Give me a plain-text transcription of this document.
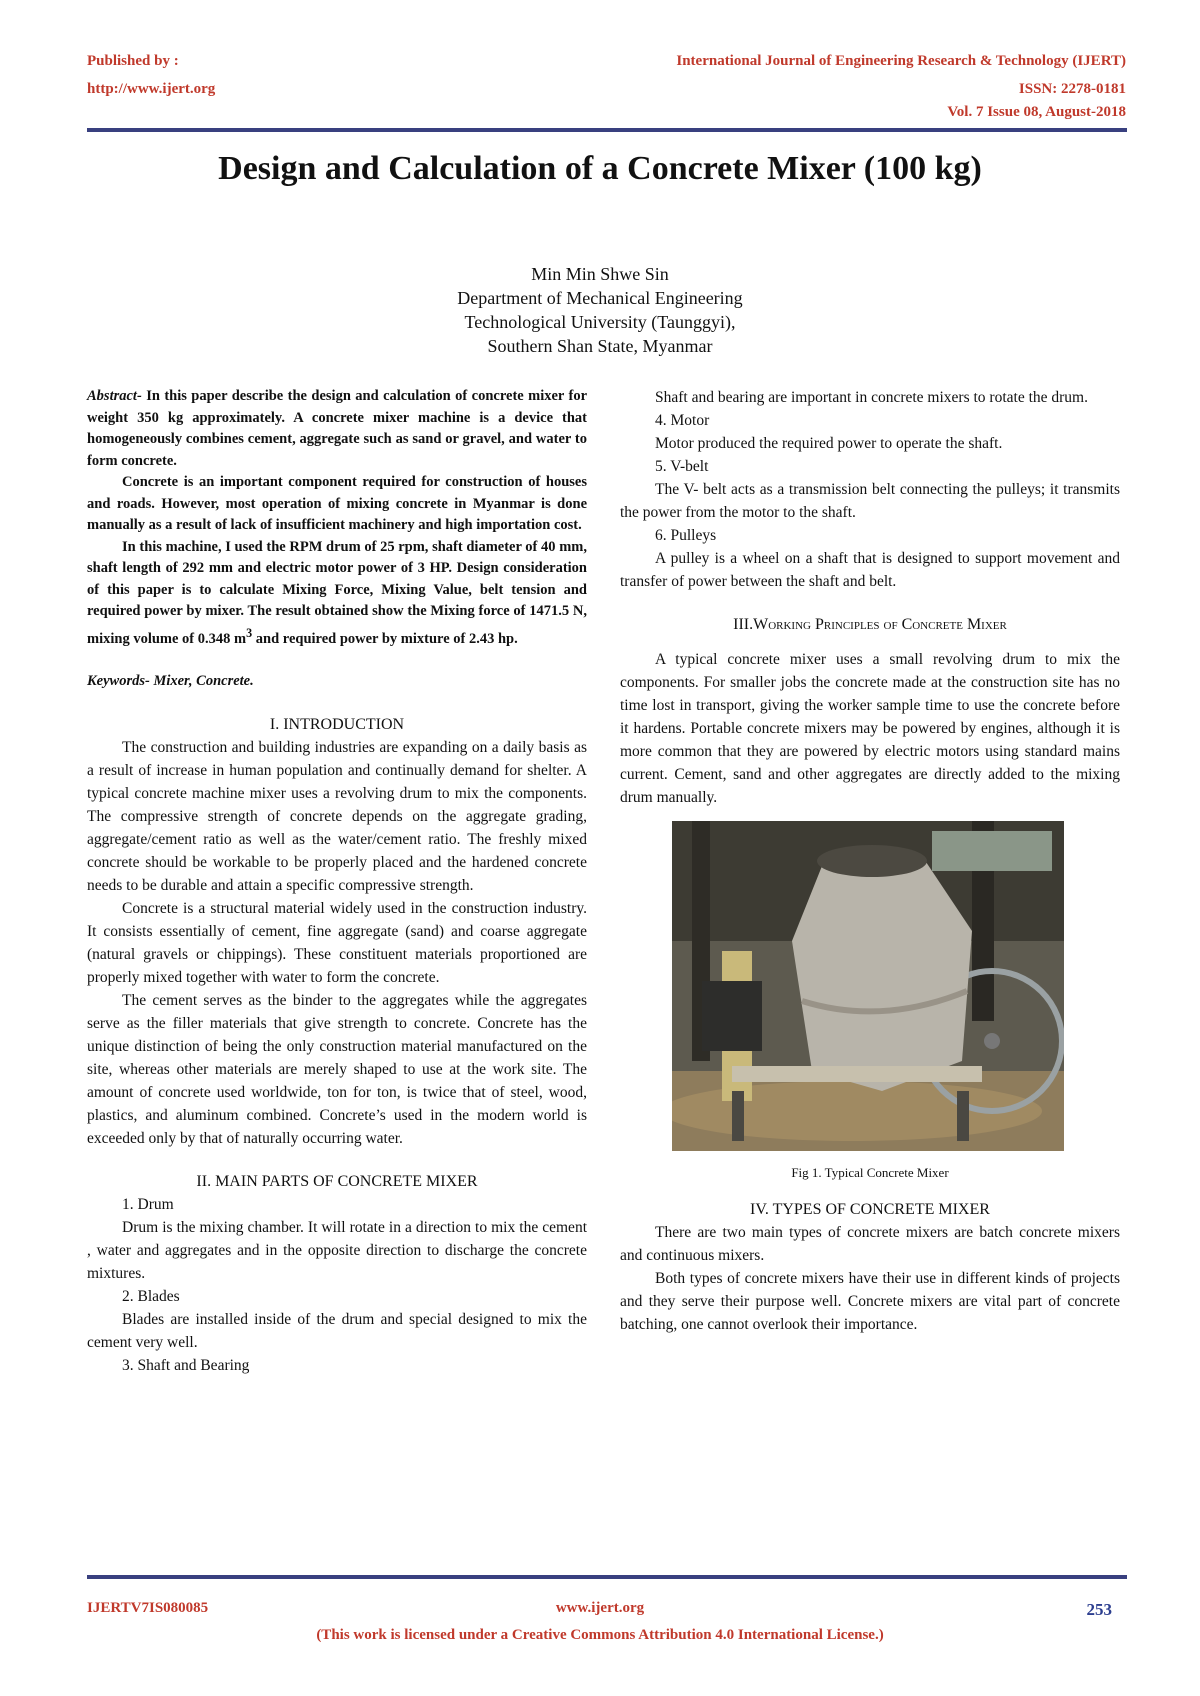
Published by :
http://www.ijert.org
International Journal of Engineering Research & Technology (IJERT)
ISSN: 2278-0181
Vol. 7 Issue 08, August-2018
Design and Calculation of a Concrete Mixer (100 kg)
Min Min Shwe Sin
Department of Mechanical Engineering
Technological University (Taunggyi),
Southern Shan State, Myanmar

Abstract- In this paper describe the design and calculation of concrete mixer for weight 350 kg approximately. A concrete mixer machine is a device that homogeneously combines cement, aggregate such as sand or gravel, and water to form concrete.

Concrete is an important component required for construction of houses and roads. However, most operation of mixing concrete in Myanmar is done manually as a result of lack of insufficient machinery and high importation cost.

In this machine, I used the RPM drum of 25 rpm, shaft diameter of 40 mm, shaft length of 292 mm and electric motor power of 3 HP. Design consideration of this paper is to calculate Mixing Force, Mixing Value, belt tension and required power by mixer. The result obtained show the Mixing force of 1471.5 N, mixing volume of 0.348 $m^3$ and required power by mixture of 2.43 hp.

Keywords- Mixer, Concrete.

I. INTRODUCTION

The construction and building industries are expanding on a daily basis as a result of increase in human population and continually demand for shelter. A typical concrete machine mixer uses a revolving drum to mix the components. The compressive strength of concrete depends on the aggregate grading, aggregate/cement ratio as well as the water/cement ratio. The freshly mixed concrete should be workable to be properly placed and the hardened concrete needs to be durable and attain a specific compressive strength.

Concrete is a structural material widely used in the construction industry. It consists essentially of cement, fine aggregate (sand) and coarse aggregate (natural gravels or chippings). These constituent materials proportioned are properly mixed together with water to form the concrete.

The cement serves as the binder to the aggregates while the aggregates serve as the filler materials that give strength to concrete. Concrete has the unique distinction of being the only construction material manufactured on the site, whereas other materials are merely shaped to use at the work site. The amount of concrete used worldwide, ton for ton, is twice that of steel, wood, plastics, and aluminum combined. Concrete’s used in the modern world is exceeded only by that of naturally occurring water.

II. MAIN PARTS OF CONCRETE MIXER

1. Drum

Drum is the mixing chamber. It will rotate in a direction to mix the cement , water and aggregates and in the opposite direction to discharge the concrete mixtures.

2. Blades

Blades are installed inside of the drum and special designed to mix the cement very well.

3. Shaft and Bearing

Shaft and bearing are important in concrete mixers to rotate the drum.

4. Motor

Motor produced the required power to operate the shaft.

5. V-belt

The V- belt acts as a transmission belt connecting the pulleys; it transmits the power from the motor to the shaft.

6. Pulleys

A pulley is a wheel on a shaft that is designed to support movement and transfer of power between the shaft and belt.

III.Working Principles of Concrete Mixer

A typical concrete mixer uses a small revolving drum to mix the components. For smaller jobs the concrete made at the construction site has no time lost in transport, giving the worker sample time to use the concrete before it hardens. Portable concrete mixers may be powered by engines, although it is more common that they are powered by electric motors using standard mains current. Cement, sand and other aggregates are directly added to the mixing drum manually.

Fig 1. Typical Concrete Mixer

IV. TYPES OF CONCRETE MIXER

There are two main types of concrete mixers are batch concrete mixers and continuous mixers.

Both types of concrete mixers have their use in different kinds of projects and they serve their purpose well. Concrete mixers are vital part of concrete batching, one cannot overlook their importance.

IJERTV7IS080085	www.ijert.org	253
(This work is licensed under a Creative Commons Attribution 4.0 International License.)
